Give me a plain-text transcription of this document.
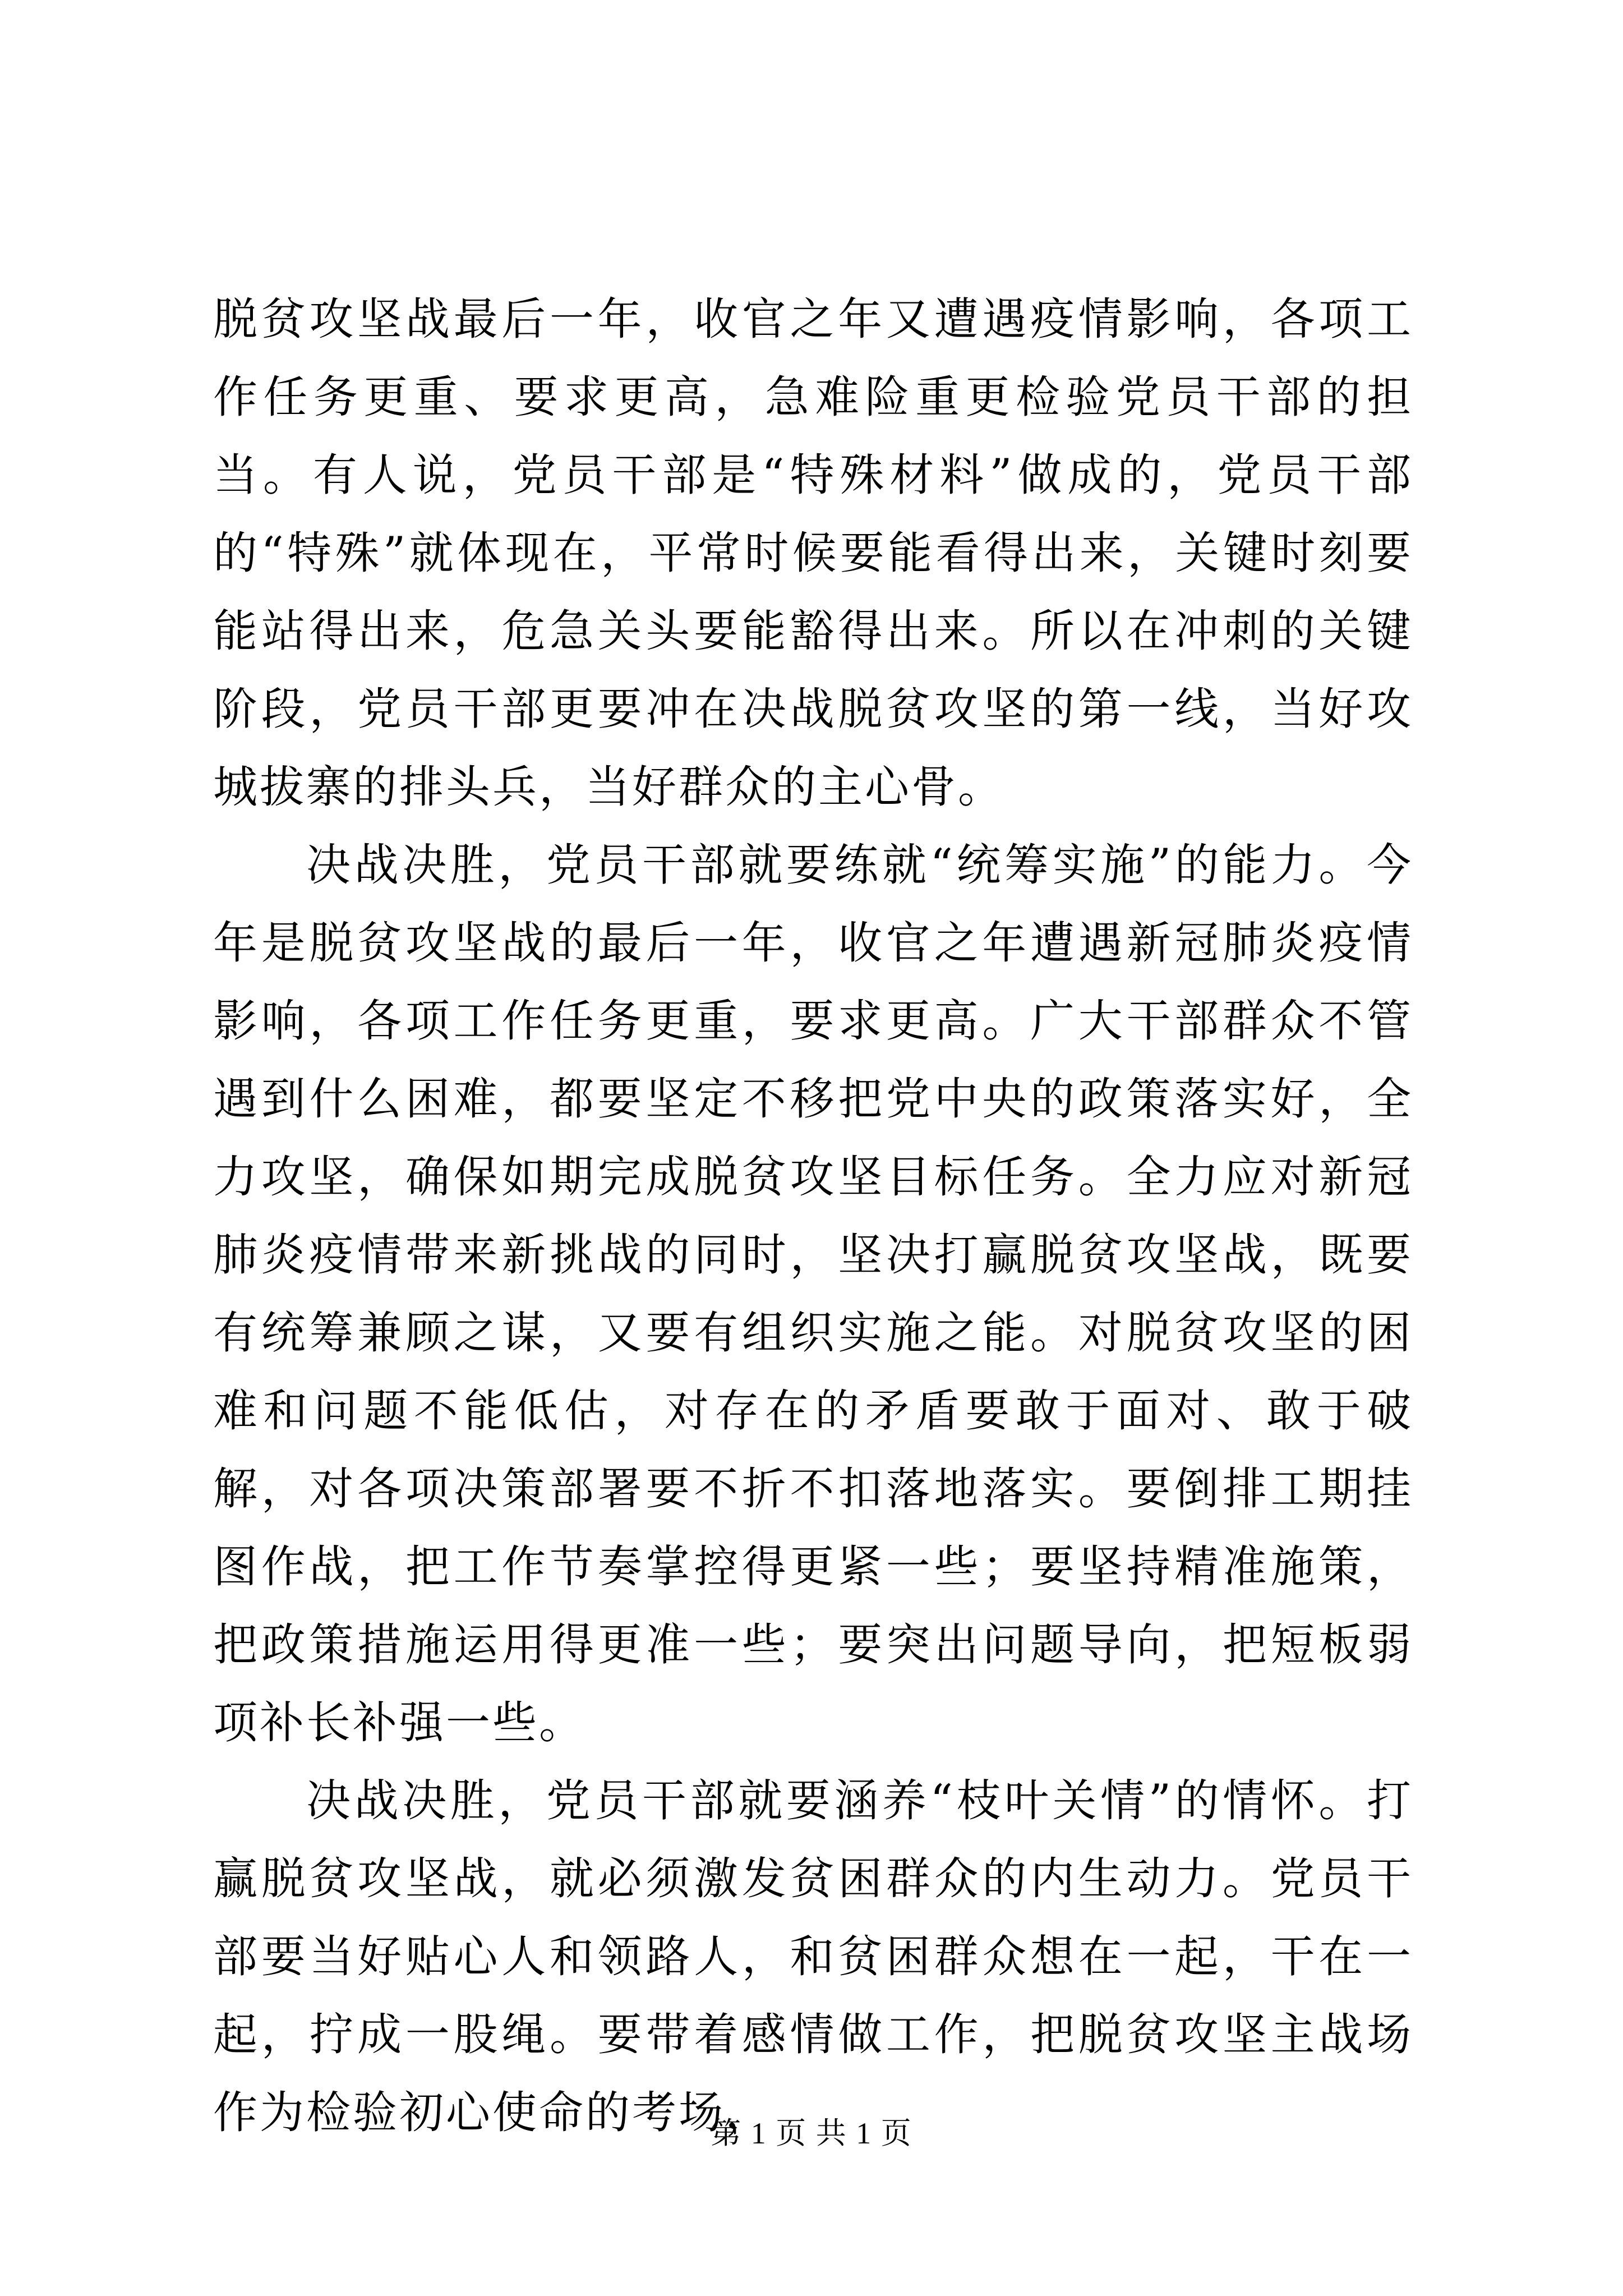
脱贫攻坚战最后一年，收官之年又遭遇疫情影响，各项工作任务更重、要求更高，急难险重更检验党员干部的担当。有人说，党员干部是“特殊材料”做成的，党员干部的“特殊”就体现在，平常时候要能看得出来，关键时刻要能站得出来，危急关头要能豁得出来。所以在冲刺的关键阶段，党员干部更要冲在决战脱贫攻坚的第一线，当好攻城拔寨的排头兵，当好群众的主心骨。

决战决胜，党员干部就要练就“统筹实施”的能力。今年是脱贫攻坚战的最后一年，收官之年遭遇新冠肺炎疫情影响，各项工作任务更重，要求更高。广大干部群众不管遇到什么困难，都要坚定不移把党中央的政策落实好，全力攻坚，确保如期完成脱贫攻坚目标任务。全力应对新冠肺炎疫情带来新挑战的同时，坚决打赢脱贫攻坚战，既要有统筹兼顾之谋，又要有组织实施之能。对脱贫攻坚的困难和问题不能低估，对存在的矛盾要敢于面对、敢于破解，对各项决策部署要不折不扣落地落实。要倒排工期挂图作战，把工作节奏掌控得更紧一些；要坚持精准施策，把政策措施运用得更准一些；要突出问题导向，把短板弱项补长补强一些。

决战决胜，党员干部就要涵养“枝叶关情”的情怀。打赢脱贫攻坚战，就必须激发贫困群众的内生动力。党员干部要当好贴心人和领路人，和贫困群众想在一起，干在一起，拧成一股绳。要带着感情做工作，把脱贫攻坚主战场作为检验初心使命的考场，

第 1 页 共 1 页
